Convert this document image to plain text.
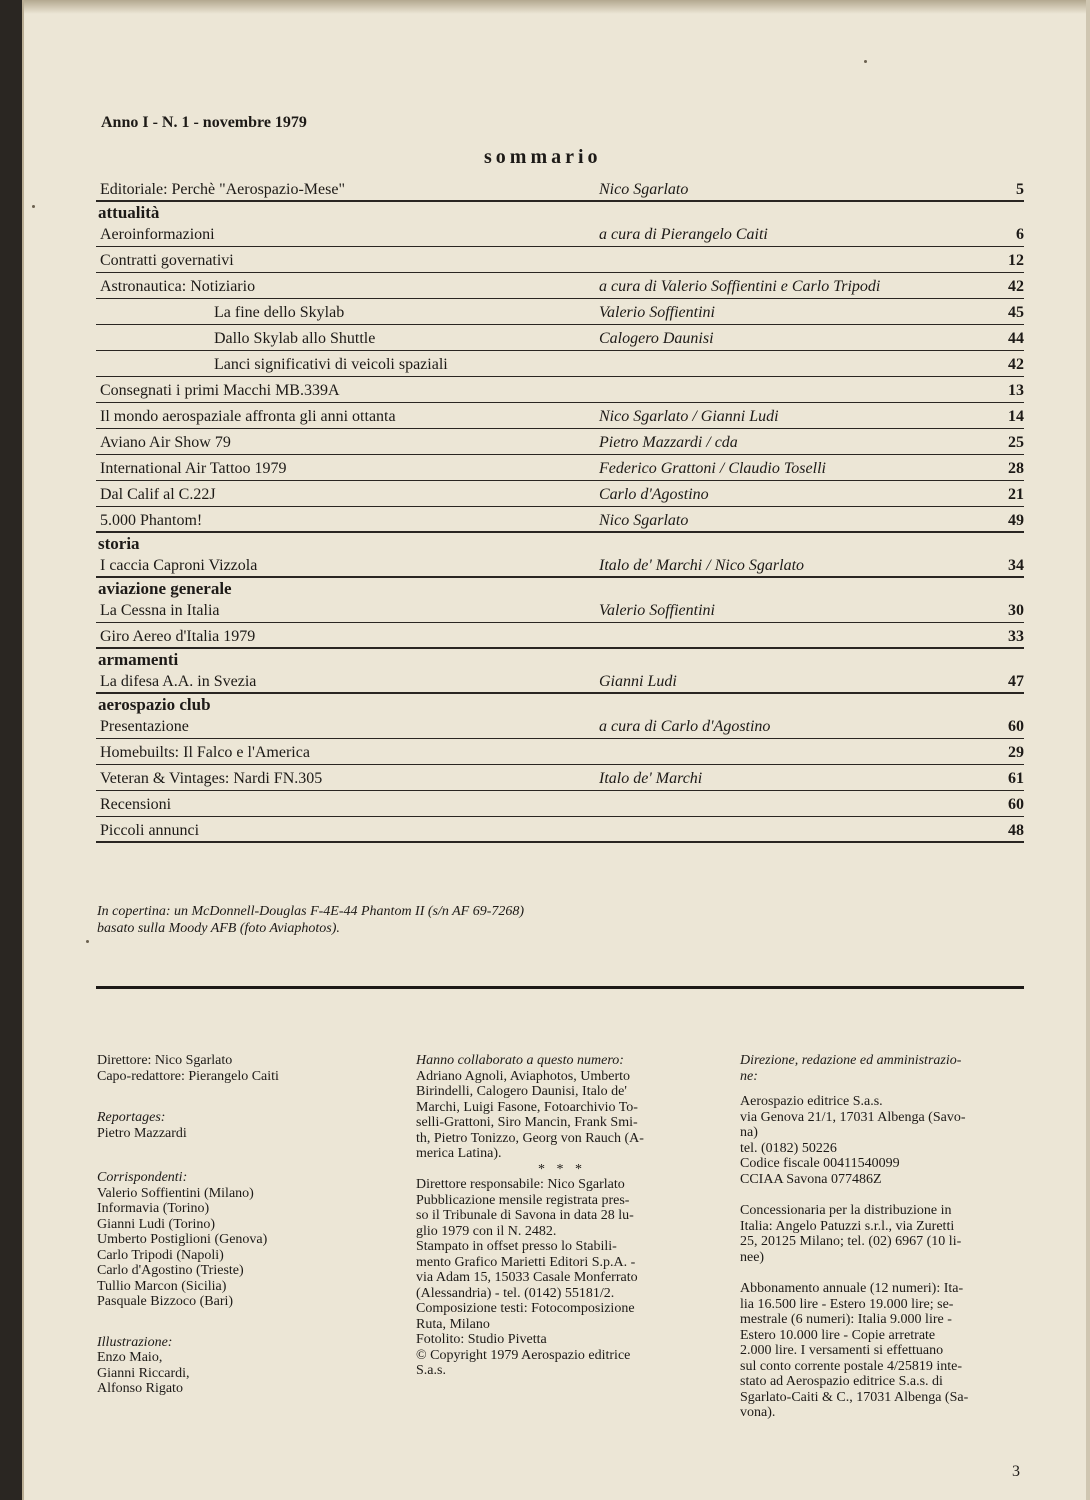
Anno I - N. 1 - novembre 1979
sommario
Editoriale: Perchè "Aerospazio-Mese"	Nico Sgarlato	5
attualità
Aeroinformazioni	a cura di Pierangelo Caiti	6
Contratti governativi	12
Astronautica: Notiziario	a cura di Valerio Soffientini e Carlo Tripodi	42
La fine dello Skylab	Valerio Soffientini	45
Dallo Skylab allo Shuttle	Calogero Daunisi	44
Lanci significativi di veicoli spaziali	42
Consegnati i primi Macchi MB.339A	13
Il mondo aerospaziale affronta gli anni ottanta	Nico Sgarlato / Gianni Ludi	14
Aviano Air Show 79	Pietro Mazzardi / cda	25
International Air Tattoo 1979	Federico Grattoni / Claudio Toselli	28
Dal Calif al C.22J	Carlo d'Agostino	21
5.000 Phantom!	Nico Sgarlato	49
storia
I caccia Caproni Vizzola	Italo de' Marchi / Nico Sgarlato	34
aviazione generale
La Cessna in Italia	Valerio Soffientini	30
Giro Aereo d'Italia 1979	33
armamenti
La difesa A.A. in Svezia	Gianni Ludi	47
aerospazio club
Presentazione	a cura di Carlo d'Agostino	60
Homebuilts: Il Falco e l'America	29
Veteran & Vintages: Nardi FN.305	Italo de' Marchi	61
Recensioni	60
Piccoli annunci	48
In copertina: un McDonnell-Douglas F-4E-44 Phantom II (s/n AF 69-7268)
basato sulla Moody AFB (foto Aviaphotos).

Direttore: Nico Sgarlato

Capo-redattore: Pierangelo Caiti

Reportages:

Pietro Mazzardi

Corrispondenti:

Valerio Soffientini (Milano)
Informavia (Torino)
Gianni Ludi (Torino)
Umberto Postiglioni (Genova)
Carlo Tripodi (Napoli)
Carlo d'Agostino (Trieste)
Tullio Marcon (Sicilia)
Pasquale Bizzoco (Bari)

Illustrazione:

Enzo Maio,
Gianni Riccardi,
Alfonso Rigato

Hanno collaborato a questo numero:

Adriano Agnoli, Aviaphotos, Umberto
Birindelli, Calogero Daunisi, Italo de'
Marchi, Luigi Fasone, Fotoarchivio To-
selli-Grattoni, Siro Mancin, Frank Smi-
th, Pietro Tonizzo, Georg von Rauch (A-
merica Latina).

* * *

Direttore responsabile: Nico Sgarlato
Pubblicazione mensile registrata pres-
so il Tribunale di Savona in data 28 lu-
glio 1979 con il N. 2482.
Stampato in offset presso lo Stabili-
mento Grafico Marietti Editori S.p.A. -
via Adam 15, 15033 Casale Monferrato
(Alessandria) - tel. (0142) 55181/2.
Composizione testi: Fotocomposizione
Ruta, Milano
Fotolito: Studio Pivetta
© Copyright 1979 Aerospazio editrice
S.a.s.
Direzione, redazione ed amministrazio-
ne:
Aerospazio editrice S.a.s.
via Genova 21/1, 17031 Albenga (Savo-
na)
tel. (0182) 50226
Codice fiscale 00411540099
CCIAA Savona 077486Z
Concessionaria per la distribuzione in
Italia: Angelo Patuzzi s.r.l., via Zuretti
25, 20125 Milano; tel. (02) 6967 (10 li-
nee)
Abbonamento annuale (12 numeri): Ita-
lia 16.500 lire - Estero 19.000 lire; se-
mestrale (6 numeri): Italia 9.000 lire -
Estero 10.000 lire - Copie arretrate
2.000 lire. I versamenti si effettuano
sul conto corrente postale 4/25819 inte-
stato ad Aerospazio editrice S.a.s. di
Sgarlato-Caiti & C., 17031 Albenga (Sa-
vona).
3
